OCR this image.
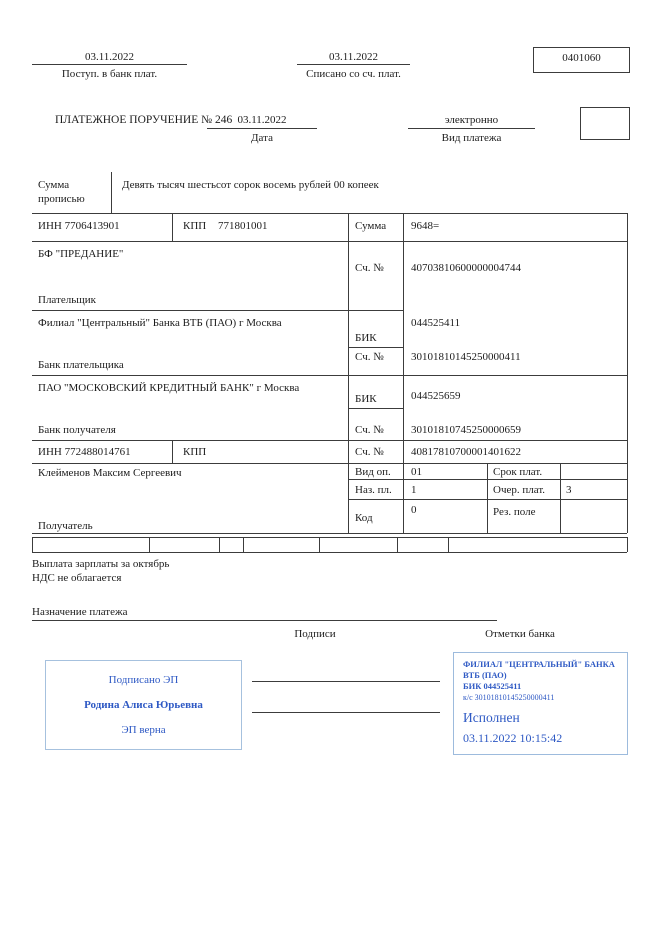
03.11.2022
Поступ. в банк плат.
03.11.2022
Списано со сч. плат.
0401060
ПЛАТЕЖНОЕ ПОРУЧЕНИЕ № 246 03.11.2022
Дата
электронно
Вид платежа
Сумма
прописью
Девять тысяч шестьсот сорок восемь рублей 00 копеек
ИНН 7706413901	КПП 771801001	Сумма 9648=
БФ "ПРЕДАНИЕ"
Плательщик
Сч. № 40703810600000004744
Филиал "Центральный" Банка ВТБ (ПАО) г Москва
Банк плательщика
БИК
044525411
Сч. № 30101810145250000411
ПАО "МОСКОВСКИЙ КРЕДИТНЫЙ БАНК" г Москва
Банк получателя
БИК	044525659
Сч. № 30101810745250000659
ИНН 772488014761	КПП	Сч. № 40817810700001401622
Клейменов Максим Сергеевич
Получатель
Вид оп. 01	Срок плат.
Наз. пл. 1	Очер. плат. 3
Код
0	Рез. поле
Выплата зарплаты за октябрь
НДС не облагается
Назначение платежа
Подписи	Отметки банка
Подписано ЭП
Родина Алиса Юрьевна
ЭП верна
ФИЛИАЛ "ЦЕНТРАЛЬНЫЙ" БАНКА
ВТБ (ПАО)
БИК 044525411
к/с 30101810145250000411
Исполнен
03.11.2022 10:15:42
